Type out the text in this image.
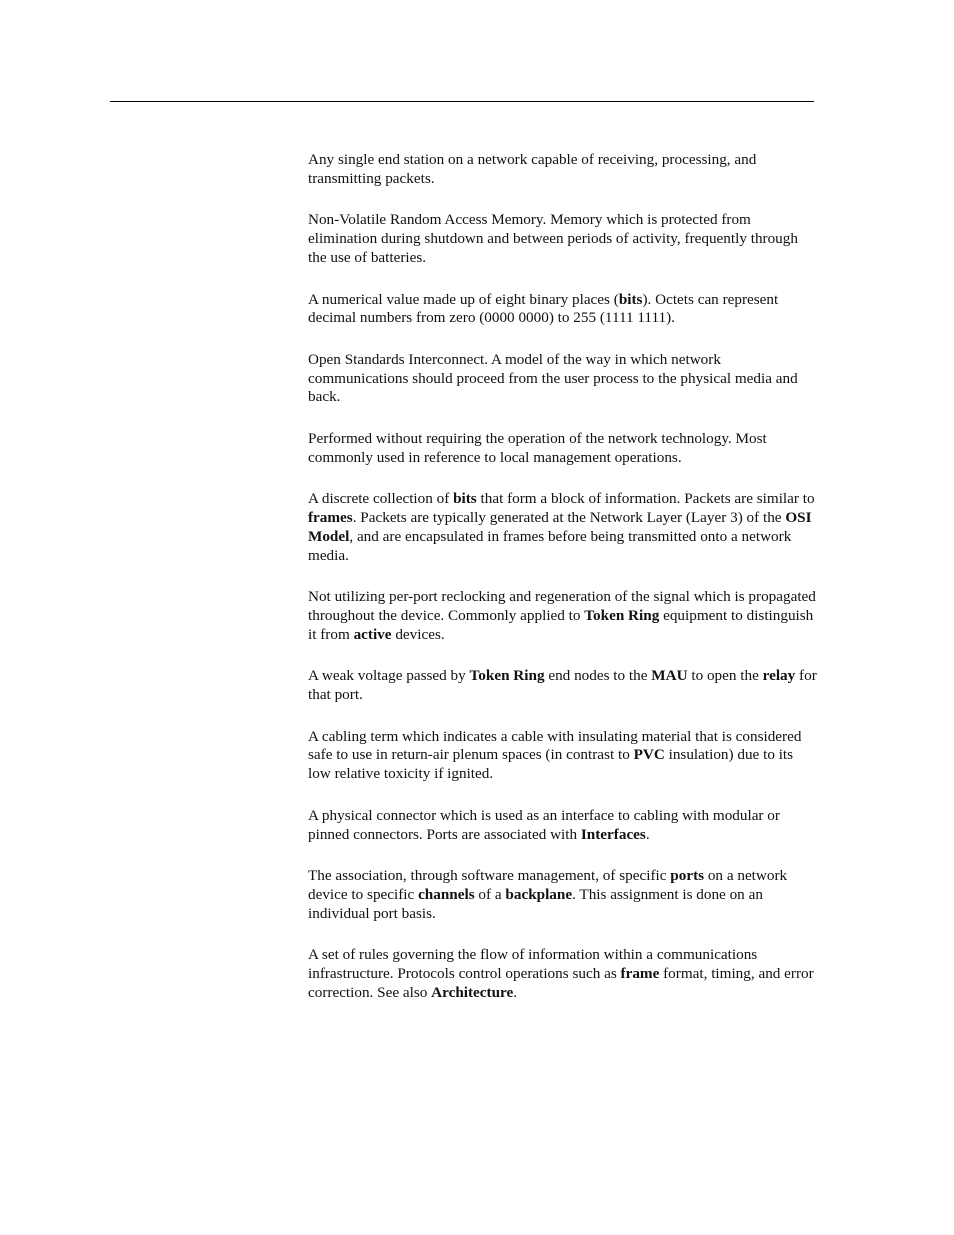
Any single end station on a network capable of receiving, processing, and transmitting packets.

Non-Volatile Random Access Memory. Memory which is protected from elimination during shutdown and between periods of activity, frequently through the use of batteries.

A numerical value made up of eight binary places (bits). Octets can represent decimal numbers from zero (0000 0000) to 255 (1111 1111).

Open Standards Interconnect. A model of the way in which network communications should proceed from the user process to the physical media and back.

Performed without requiring the operation of the network technology. Most commonly used in reference to local management operations.

A discrete collection of bits that form a block of information. Packets are similar to frames. Packets are typically generated at the Network Layer (Layer 3) of the OSI Model, and are encapsulated in frames before being transmitted onto a network media.

Not utilizing per-port reclocking and regeneration of the signal which is propagated throughout the device. Commonly applied to Token Ring equipment to distinguish it from active devices.

A weak voltage passed by Token Ring end nodes to the MAU to open the relay for that port.

A cabling term which indicates a cable with insulating material that is considered safe to use in return-air plenum spaces (in contrast to PVC insulation) due to its low relative toxicity if ignited.

A physical connector which is used as an interface to cabling with modular or pinned connectors. Ports are associated with Interfaces.

The association, through software management, of specific ports on a network device to specific channels of a backplane. This assignment is done on an individual port basis.

A set of rules governing the flow of information within a communications infrastructure. Protocols control operations such as frame format, timing, and error correction. See also Architecture.
